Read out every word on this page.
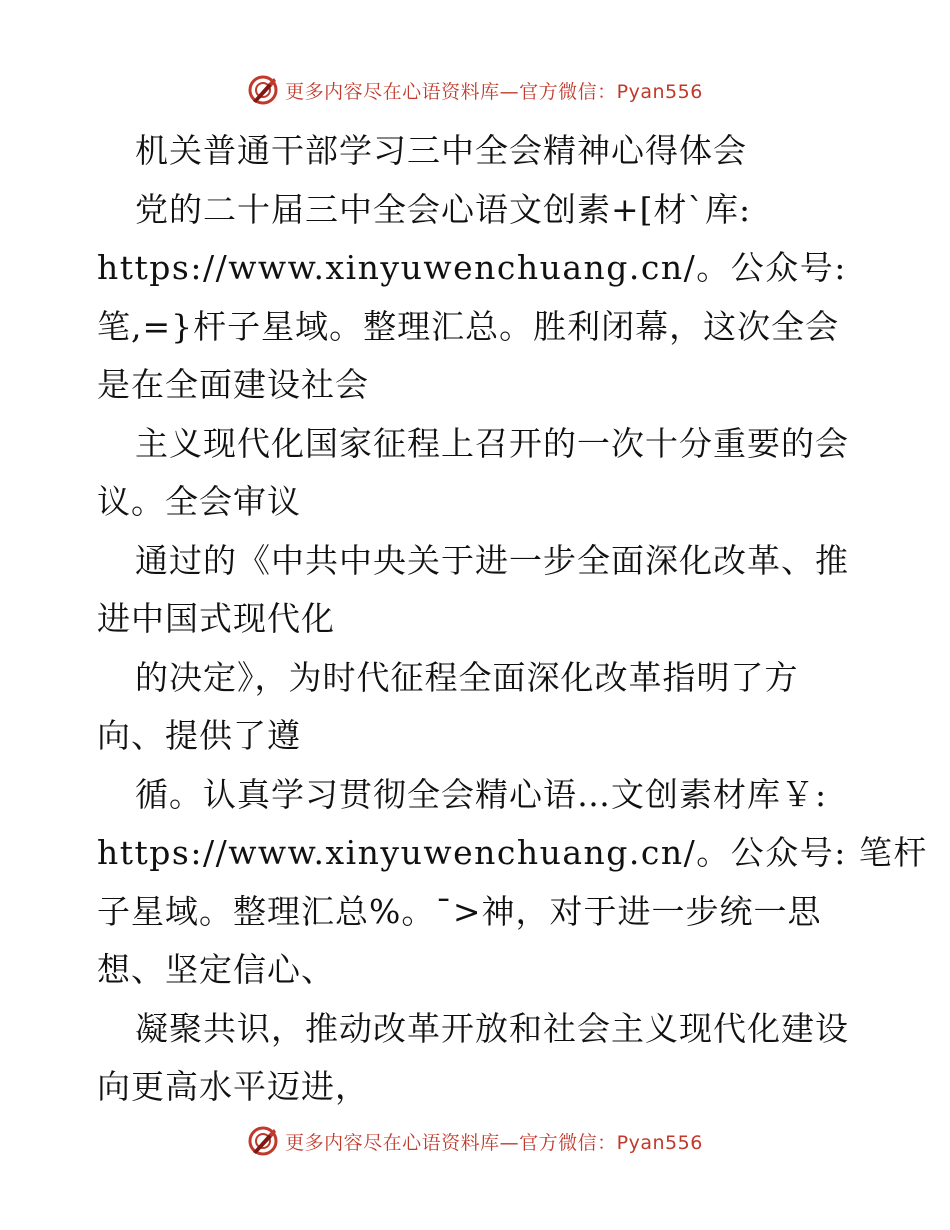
更多内容尽在心语资料库—官方微信：Pyan556
机关普通干部学习三中全会精神心得体会
党的二十届三中全会心语文创素+[材`库:
https://www.xinyuwenchuang.cn/。公众号:
笔,=}杆子星域。整理汇总。胜利闭幕，这次全会
是在全面建设社会
主义现代化国家征程上召开的一次十分重要的会
议。全会审议
通过的《中共中央关于进一步全面深化改革、推
进中国式现代化
的决定》，为时代征程全面深化改革指明了方
向、提供了遵
循。认真学习贯彻全会精心语…文创素材库￥:
https://www.xinyuwenchuang.cn/。公众号: 笔杆
子星域。整理汇总%。¯>神，对于进一步统一思
想、坚定信心、
凝聚共识，推动改革开放和社会主义现代化建设
向更高水平迈进，
更多内容尽在心语资料库—官方微信：Pyan556
